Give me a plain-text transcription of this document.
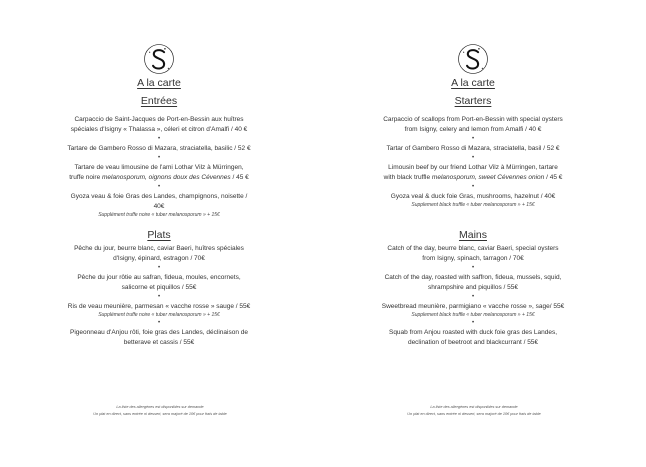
A la carte
Entrées

Carpaccio de Saint-Jacques de Port-en-Bessin aux huîtres

spéciales d'Isigny « Thalassa », céleri et citron d'Amalfi / 40 €

•

Tartare de Gambero Rosso di Mazara, straciatella, basilic / 52 €

•

Tartare de veau limousine de l'ami Lothar Vilz à Mürringen,

truffe noire melanosporum, oignons doux des Cévennes / 45 €

•

Gyoza veau & foie Gras des Landes, champignons, noisette /

40€

Supplément truffe noire « tuber melanosporum » + 15€

Plats

Pêche du jour, beurre blanc, caviar Baeri, huîtres spéciales

d'Isigny, épinard, estragon / 70€

•

Pêche du jour rôtie au safran, fideua, moules, encornets,

salicorne et piquillos / 55€

•

Ris de veau meunière, parmesan « vacche rosse » sauge / 55€

Supplément truffe noire « tuber melanosporum » + 15€

•

Pigeonneau d'Anjou rôti, foie gras des Landes, déclinaison de

betterave et cassis / 55€

La liste des allergènes est disponibles sur demande
Un plat en direct, sans entrée ni dessert, sera majoré de 10€ pour frais de table
A la carte
Starters

Carpaccio of scallops from Port-en-Bessin with special oysters

from Isigny, celery and lemon from Amalfi / 40 €

•

Tartar of Gambero Rosso di Mazara, straciatella, basil / 52 €

•

Limousin beef by our friend Lothar Vilz à Mürringen, tartare

with black truffle melanosporum, sweet Cévennes onion / 45 €

•

Gyoza veal & duck foie Gras, mushrooms, hazelnut / 40€

Supplement black truffle « tuber melanosporum » + 15€

Mains

Catch of the day, beurre blanc, caviar Baeri, special oysters

from Isigny, spinach, tarragon / 70€

•

Catch of the day, roasted with saffron, fideua, mussels, squid,

shrampshire and piquillos / 55€

•

Sweetbread meunière, parmigiano « vacche rosse », sage/ 55€

Supplement black truffle « tuber melanosporum » + 15€

•

Squab from Anjou roasted with duck foie gras des Landes,

declination of beetroot and blackcurrant / 55€

La liste des allergènes est disponibles sur demande
Un plat en direct, sans entrée ni dessert, sera majoré de 10€ pour frais de table
